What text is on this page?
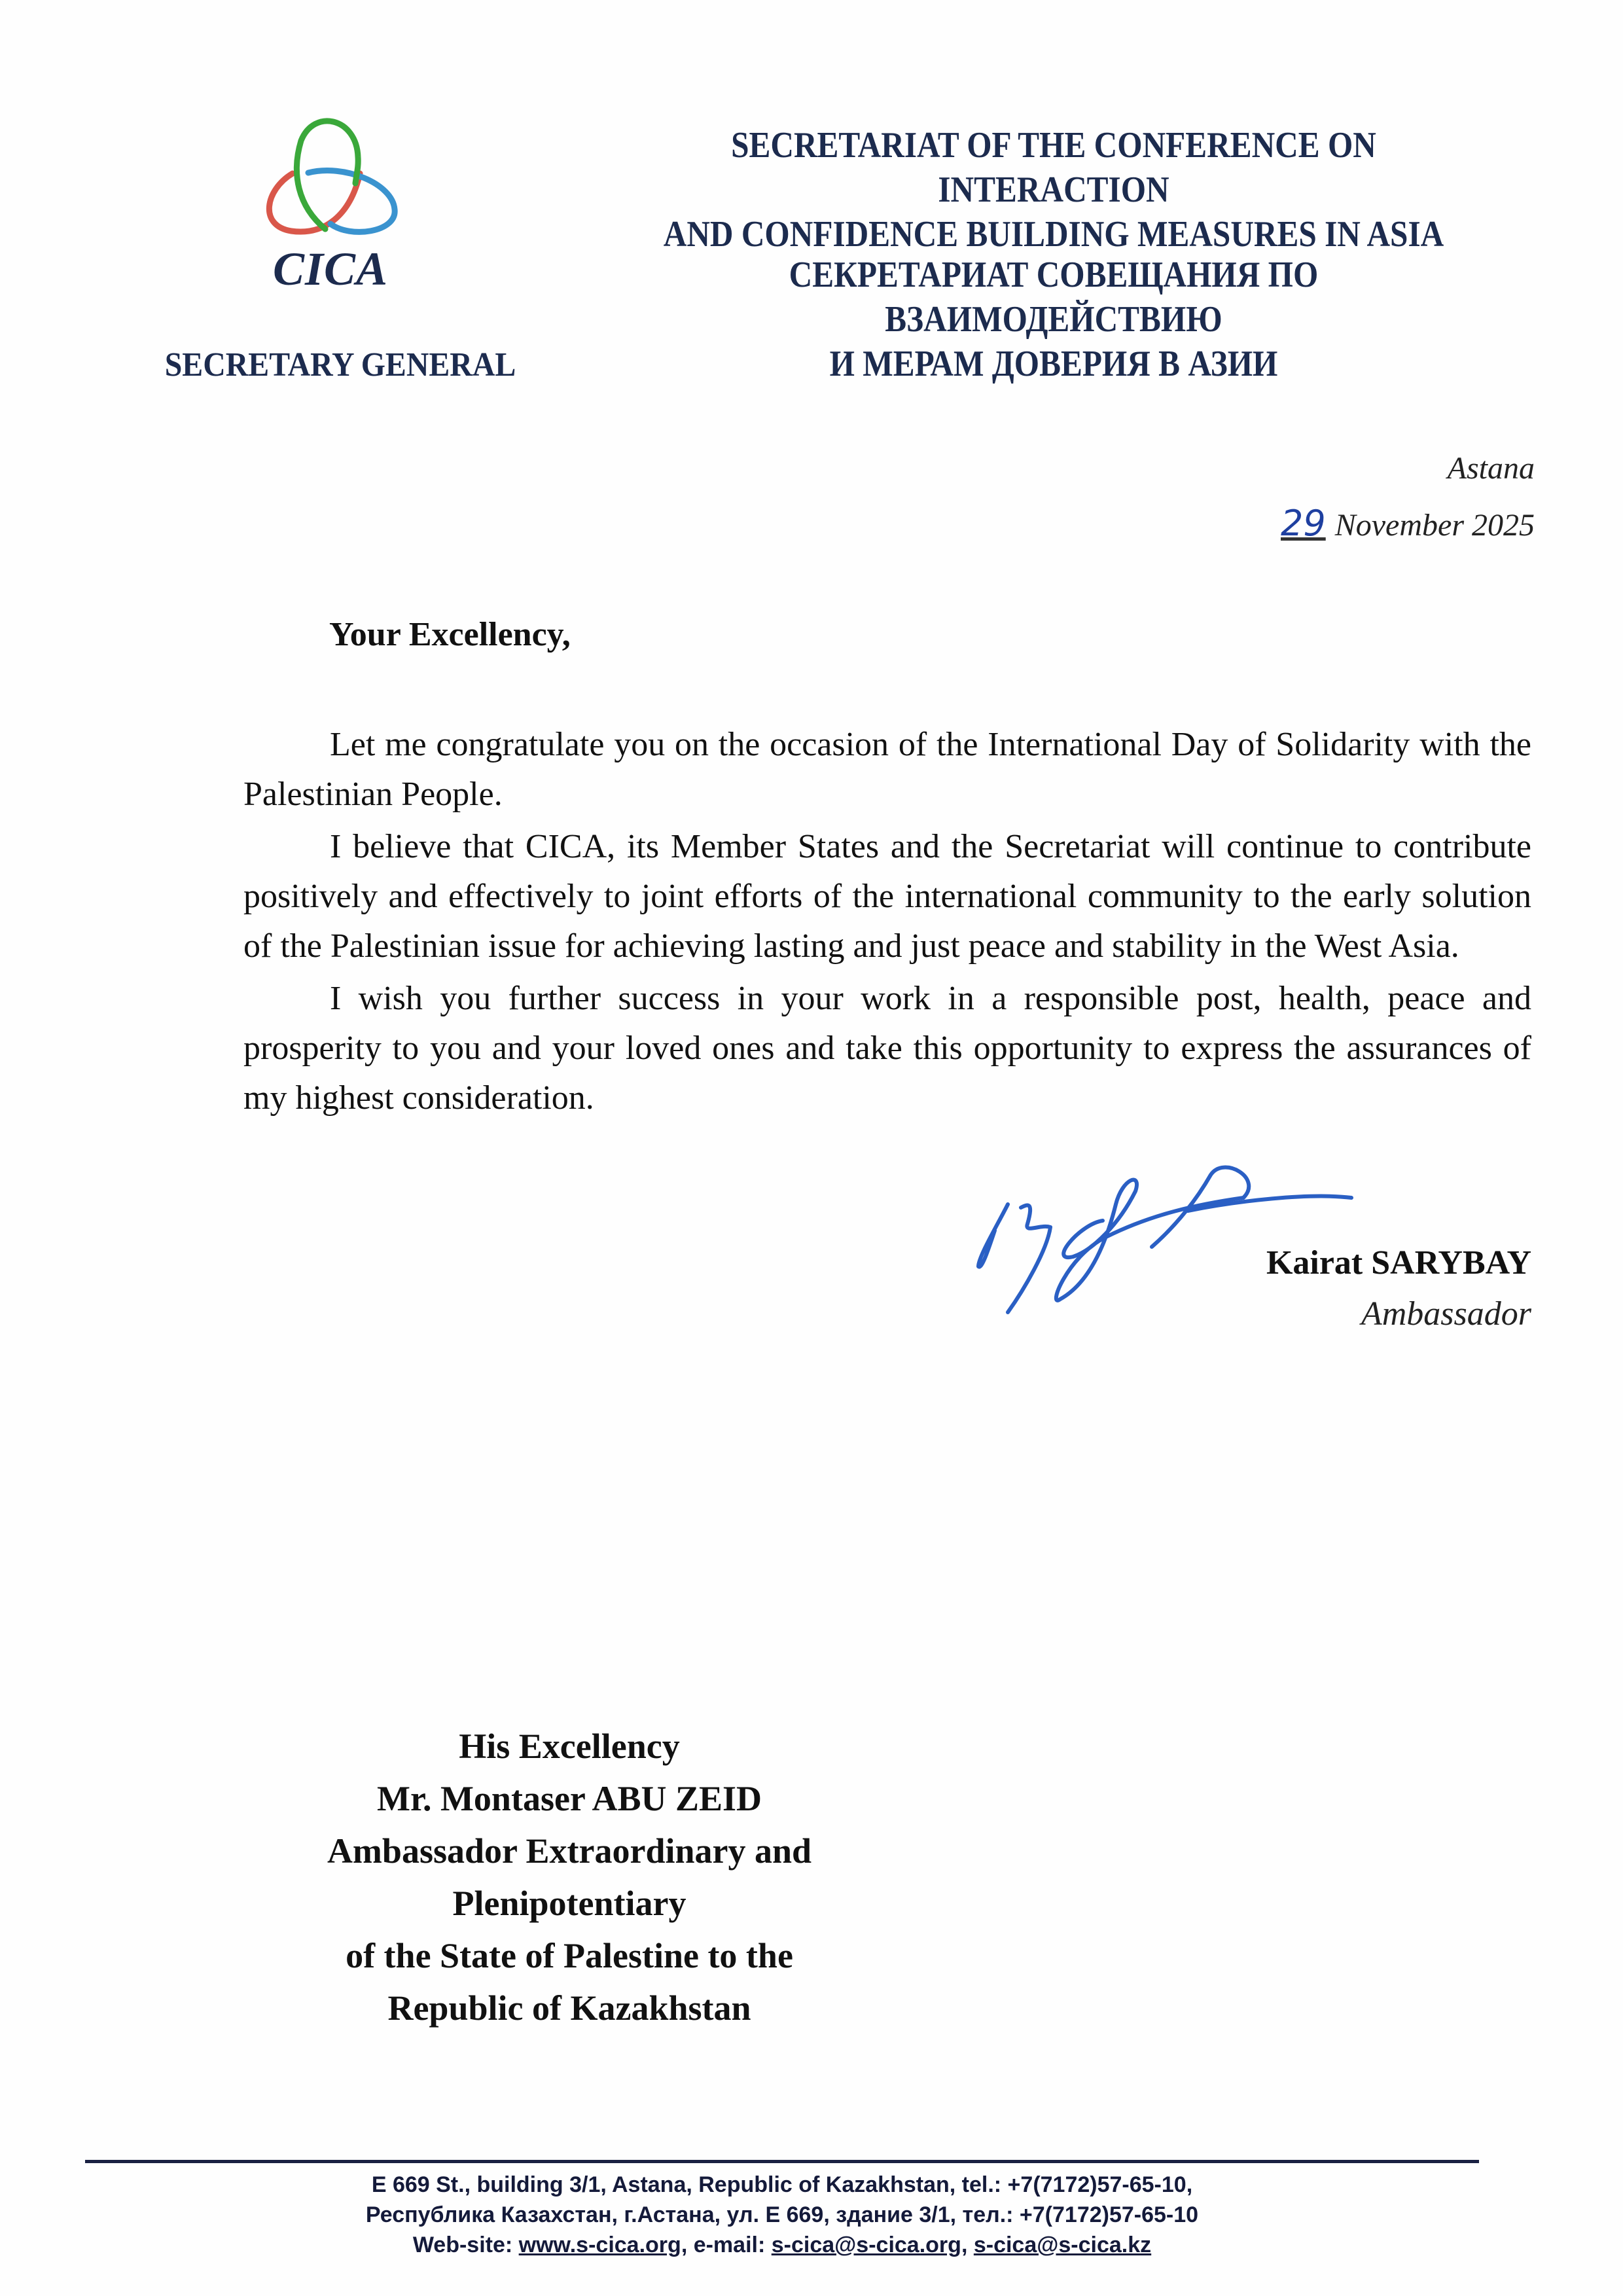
CICA
SECRETARY GENERAL
SECRETARIAT OF THE CONFERENCE ON INTERACTION
AND CONFIDENCE BUILDING MEASURES IN ASIA
СЕКРЕТАРИАТ СОВЕЩАНИЯ ПО ВЗАИМОДЕЙСТВИЮ
И МЕРАМ ДОВЕРИЯ В АЗИИ
Astana
29 November 2025
Your Excellency,

Let me congratulate you on the occasion of the International Day of Solidarity with the Palestinian People.

I believe that CICA, its Member States and the Secretariat will continue to contribute positively and effectively to joint efforts of the international community to the early solution of the Palestinian issue for achieving lasting and just peace and stability in the West Asia.

I wish you further success in your work in a responsible post, health, peace and prosperity to you and your loved ones and take this opportunity to express the assurances of my highest consideration.

Kairat SARYBAY
Ambassador
His Excellency
Mr. Montaser ABU ZEID
Ambassador Extraordinary and
Plenipotentiary
of the State of Palestine to the
Republic of Kazakhstan
E 669 St., building 3/1, Astana, Republic of Kazakhstan, tel.: +7(7172)57-65-10,
Республика Казахстан, г.Астана, ул. Е 669, здание 3/1, тел.: +7(7172)57-65-10
Web-site: www.s-cica.org, e-mail: s-cica@s-cica.org, s-cica@s-cica.kz
